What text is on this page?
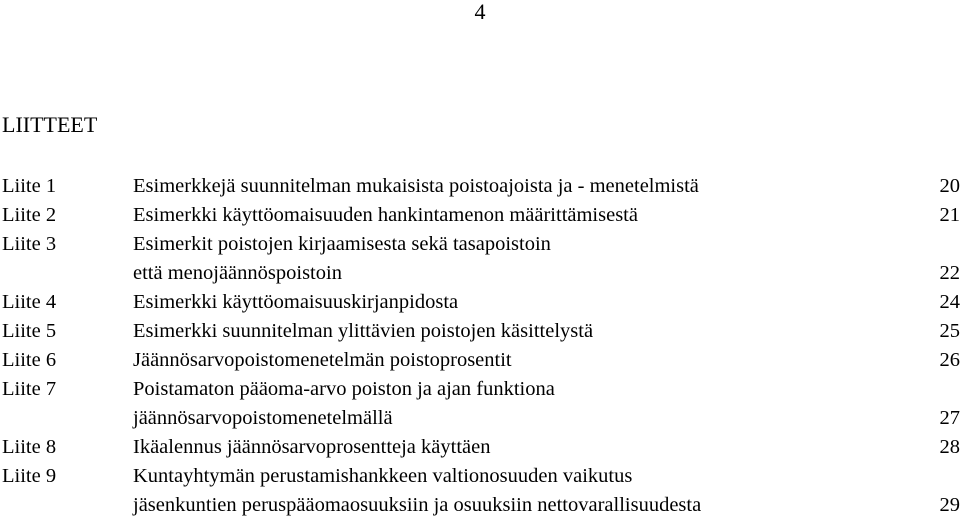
4
LIITTEET
Liite 1	Esimerkkejä suunnitelman mukaisista poistoajoista ja - menetelmistä	20
Liite 2	Esimerkki käyttöomaisuuden hankintamenon määrittämisestä	21
Liite 3	Esimerkit poistojen kirjaamisesta sekä tasapoistoin
että menojäännöspoistoin	22
Liite 4	Esimerkki käyttöomaisuuskirjanpidosta	24
Liite 5	Esimerkki suunnitelman ylittävien poistojen käsittelystä	25
Liite 6	Jäännösarvopoistomenetelmän poistoprosentit	26
Liite 7	Poistamaton pääoma-arvo poiston ja ajan funktiona
jäännösarvopoistomenetelmällä	27
Liite 8	Ikäalennus jäännösarvoprosentteja käyttäen	28
Liite 9	Kuntayhtymän perustamishankkeen valtionosuuden vaikutus
jäsenkuntien peruspääomaosuuksiin ja osuuksiin nettovarallisuudesta	29
